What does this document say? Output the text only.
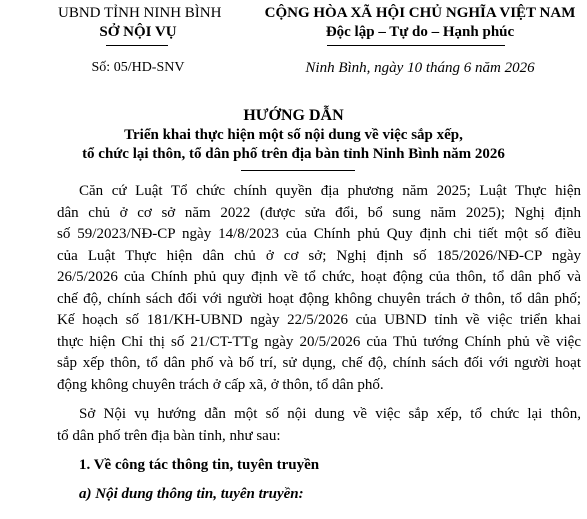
UBND TỈNH NINH BÌNH
SỞ NỘI VỤ
Số: 05/HD-SNV
CỘNG HÒA XÃ HỘI CHỦ NGHĨA VIỆT NAM
Độc lập – Tự do – Hạnh phúc
Ninh Bình, ngày 10 tháng 6 năm 2026
HƯỚNG DẪN
Triển khai thực hiện một số nội dung về việc sắp xếp,
tổ chức lại thôn, tổ dân phố trên địa bàn tỉnh Ninh Bình năm 2026
Căn cứ Luật Tổ chức chính quyền địa phương năm 2025; Luật Thực hiện
dân chủ ở cơ sở năm 2022 (được sửa đổi, bổ sung năm 2025); Nghị định
số 59/2023/NĐ-CP ngày 14/8/2023 của Chính phủ Quy định chi tiết một số điều
của Luật Thực hiện dân chủ ở cơ sở; Nghị định số 185/2026/NĐ-CP ngày
26/5/2026 của Chính phủ quy định về tổ chức, hoạt động của thôn, tổ dân phố và
chế độ, chính sách đối với người hoạt động không chuyên trách ở thôn, tổ dân phố;
Kế hoạch số 181/KH-UBND ngày 22/5/2026 của UBND tỉnh về việc triển khai
thực hiện Chỉ thị số 21/CT-TTg ngày 20/5/2026 của Thủ tướng Chính phủ về việc
sắp xếp thôn, tổ dân phố và bố trí, sử dụng, chế độ, chính sách đối với người hoạt
động không chuyên trách ở cấp xã, ở thôn, tổ dân phố.
Sở Nội vụ hướng dẫn một số nội dung về việc sắp xếp, tổ chức lại thôn,
tổ dân phố trên địa bàn tỉnh, như sau:
1. Về công tác thông tin, tuyên truyền
a) Nội dung thông tin, tuyên truyền:
